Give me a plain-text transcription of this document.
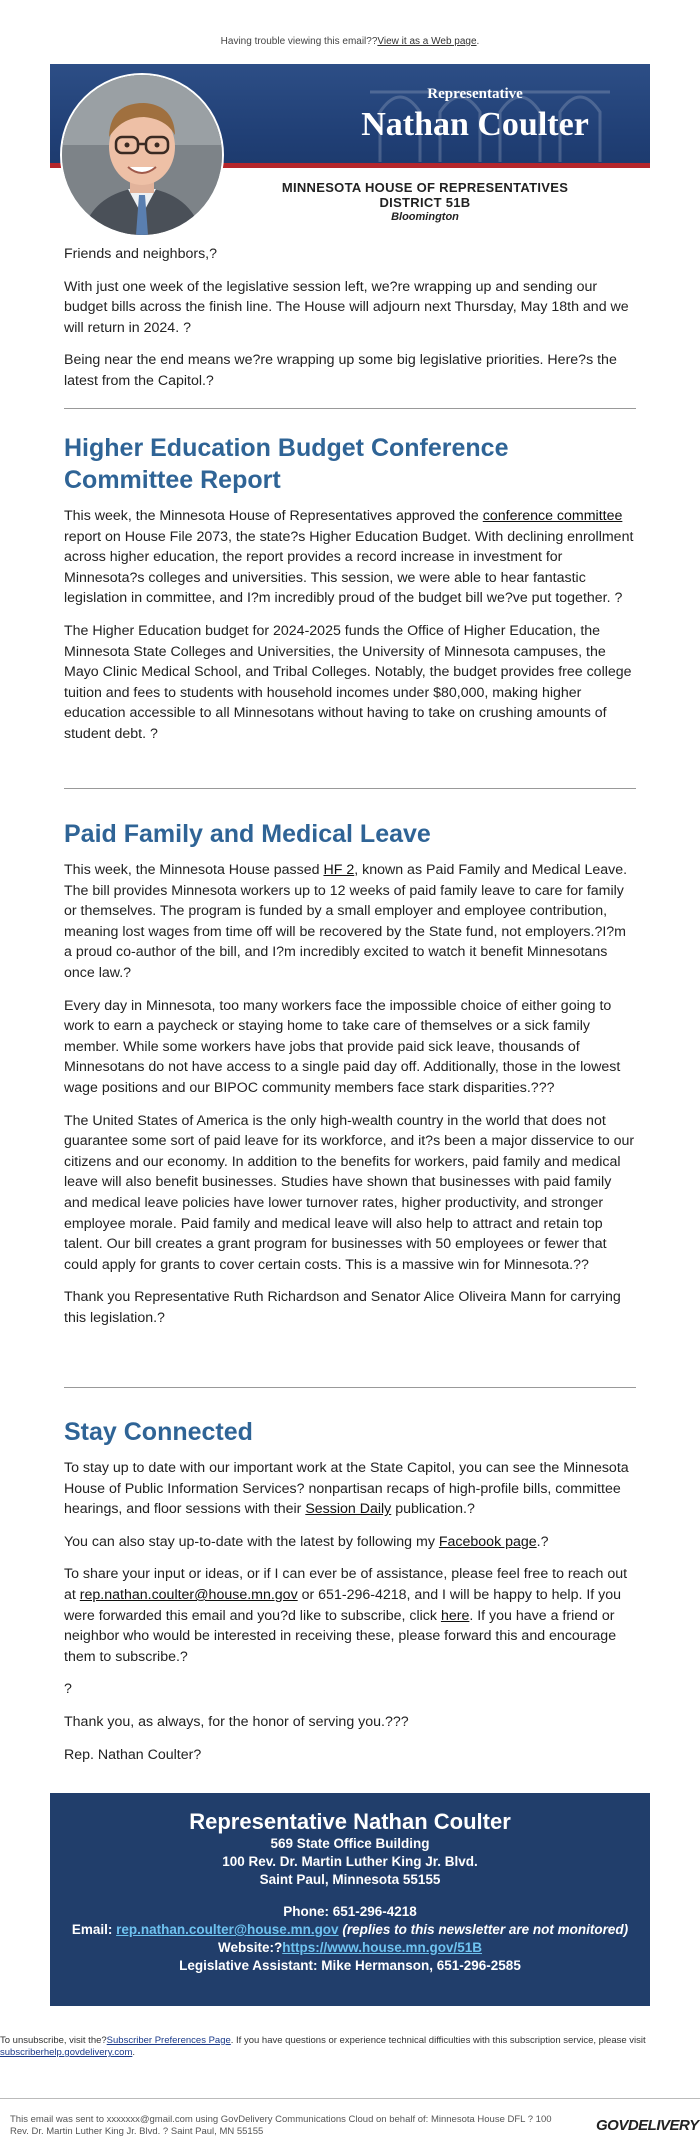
Having trouble viewing this email??View it as a Web page.
Representative
Nathan Coulter
MINNESOTA HOUSE OF REPRESENTATIVES
DISTRICT 51B
Bloomington

Friends and neighbors,?

With just one week of the legislative session left, we?re wrapping up and sending our budget bills across the finish line. The House will adjourn next Thursday, May 18th and we will return in 2024. ?

Being near the end means we?re wrapping up some big legislative priorities. Here?s the latest from the Capitol.?

Higher Education Budget Conference Committee Report

This week, the Minnesota House of Representatives approved the conference committee report on House File 2073, the state?s Higher Education Budget. With declining enrollment across higher education, the report provides a record increase in investment for Minnesota?s colleges and universities. This session, we were able to hear fantastic legislation in committee, and I?m incredibly proud of the budget bill we?ve put together. ?

The Higher Education budget for 2024-2025 funds the Office of Higher Education, the Minnesota State Colleges and Universities, the University of Minnesota campuses, the Mayo Clinic Medical School, and Tribal Colleges. Notably, the budget provides free college tuition and fees to students with household incomes under $80,000, making higher education accessible to all Minnesotans without having to take on crushing amounts of student debt. ?

Paid Family and Medical Leave

This week, the Minnesota House passed HF 2, known as Paid Family and Medical Leave. The bill provides Minnesota workers up to 12 weeks of paid family leave to care for family or themselves. The program is funded by a small employer and employee contribution, meaning lost wages from time off will be recovered by the State fund, not employers.?I?m a proud co-author of the bill, and I?m incredibly excited to watch it benefit Minnesotans once law.?

Every day in Minnesota, too many workers face the impossible choice of either going to work to earn a paycheck or staying home to take care of themselves or a sick family member. While some workers have jobs that provide paid sick leave, thousands of Minnesotans do not have access to a single paid day off. Additionally, those in the lowest wage positions and our BIPOC community members face stark disparities.???

The United States of America is the only high-wealth country in the world that does not guarantee some sort of paid leave for its workforce, and it?s been a major disservice to our citizens and our economy. In addition to the benefits for workers, paid family and medical leave will also benefit businesses. Studies have shown that businesses with paid family and medical leave policies have lower turnover rates, higher productivity, and stronger employee morale. Paid family and medical leave will also help to attract and retain top talent. Our bill creates a grant program for businesses with 50 employees or fewer that could apply for grants to cover certain costs. This is a massive win for Minnesota.??

Thank you Representative Ruth Richardson and Senator Alice Oliveira Mann for carrying this legislation.?

Stay Connected

To stay up to date with our important work at the State Capitol, you can see the Minnesota House of Public Information Services? nonpartisan recaps of high-profile bills, committee hearings, and floor sessions with their Session Daily publication.?

You can also stay up-to-date with the latest by following my Facebook page.?

To share your input or ideas, or if I can ever be of assistance, please feel free to reach out at rep.nathan.coulter@house.mn.gov or 651-296-4218, and I will be happy to help. If you were forwarded this email and you?d like to subscribe, click here. If you have a friend or neighbor who would be interested in receiving these, please forward this and encourage them to subscribe.?

?

Thank you, as always, for the honor of serving you.???

Rep. Nathan Coulter?

Representative Nathan Coulter
569 State Office Building
100 Rev. Dr. Martin Luther King Jr. Blvd.
Saint Paul, Minnesota 55155
Phone: 651-296-4218
Email: rep.nathan.coulter@house.mn.gov (replies to this newsletter are not monitored)
Website:?https://www.house.mn.gov/51B
Legislative Assistant: Mike Hermanson, 651-296-2585
To unsubscribe, visit the?Subscriber Preferences Page. If you have questions or experience technical difficulties with this subscription service, please visit subscriberhelp.govdelivery.com.
This email was sent to xxxxxxx@gmail.com using GovDelivery Communications Cloud on behalf of: Minnesota House DFL ? 100 Rev. Dr. Martin Luther King Jr. Blvd. ? Saint Paul, MN 55155	GOVDELIVERY
